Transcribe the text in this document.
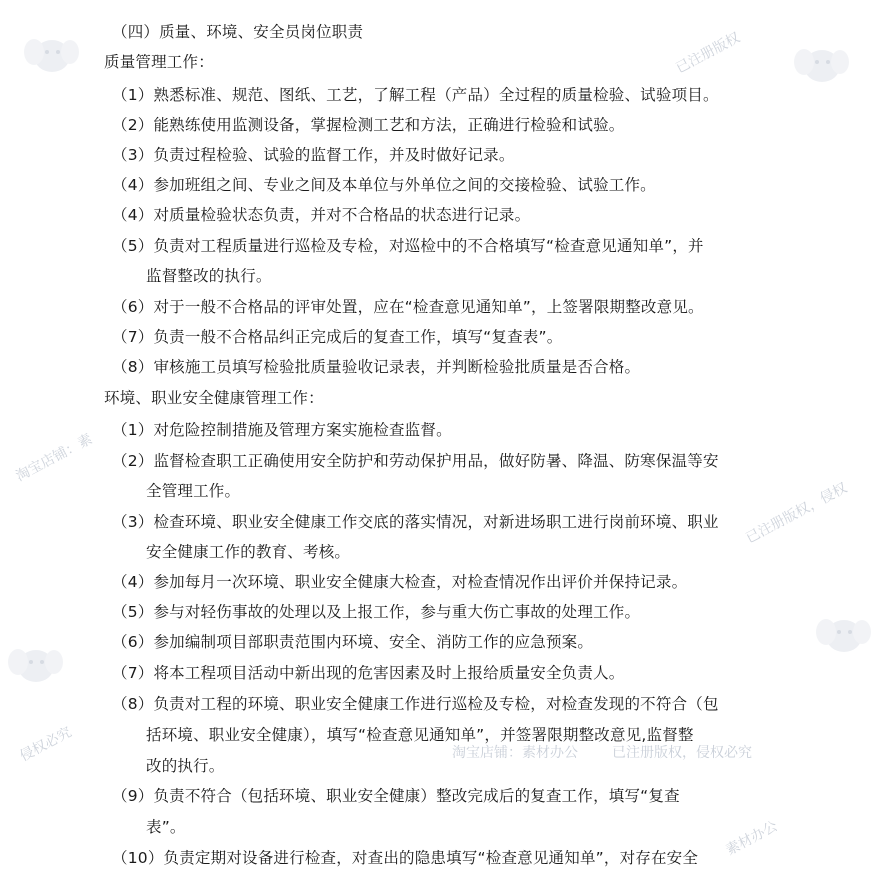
（四）质量、环境、安全员岗位职责
质量管理工作：
（1）熟悉标准、规范、图纸、工艺，了解工程（产品）全过程的质量检验、试验项目。
（2）能熟练使用监测设备，掌握检测工艺和方法，正确进行检验和试验。
（3）负责过程检验、试验的监督工作，并及时做好记录。
（4）参加班组之间、专业之间及本单位与外单位之间的交接检验、试验工作。
（4）对质量检验状态负责，并对不合格品的状态进行记录。
（5）负责对工程质量进行巡检及专检，对巡检中的不合格填写“检查意见通知单”，并
监督整改的执行。
（6）对于一般不合格品的评审处置，应在“检查意见通知单”，上签署限期整改意见。
（7）负责一般不合格品纠正完成后的复查工作，填写“复查表”。
（8）审核施工员填写检验批质量验收记录表，并判断检验批质量是否合格。
环境、职业安全健康管理工作：
（1）对危险控制措施及管理方案实施检查监督。
（2）监督检查职工正确使用安全防护和劳动保护用品，做好防暑、降温、防寒保温等安
全管理工作。
（3）检查环境、职业安全健康工作交底的落实情况，对新进场职工进行岗前环境、职业
安全健康工作的教育、考核。
（4）参加每月一次环境、职业安全健康大检查，对检查情况作出评价并保持记录。
（5）参与对轻伤事故的处理以及上报工作，参与重大伤亡事故的处理工作。
（6）参加编制项目部职责范围内环境、安全、消防工作的应急预案。
（7）将本工程项目活动中新出现的危害因素及时上报给质量安全负责人。
（8）负责对工程的环境、职业安全健康工作进行巡检及专检，对检查发现的不符合（包
括环境、职业安全健康），填写“检查意见通知单”，并签署限期整改意见,监督整
改的执行。
（9）负责不符合（包括环境、职业安全健康）整改完成后的复查工作，填写“复查
表”。
（10）负责定期对设备进行检查，对查出的隐患填写“检查意见通知单”，对存在安全
淘宝店铺：素材办公 已注册版权，侵权必究
已注册版权
淘宝店铺：素
素材办公
已注册版权，侵权
侵权必究
